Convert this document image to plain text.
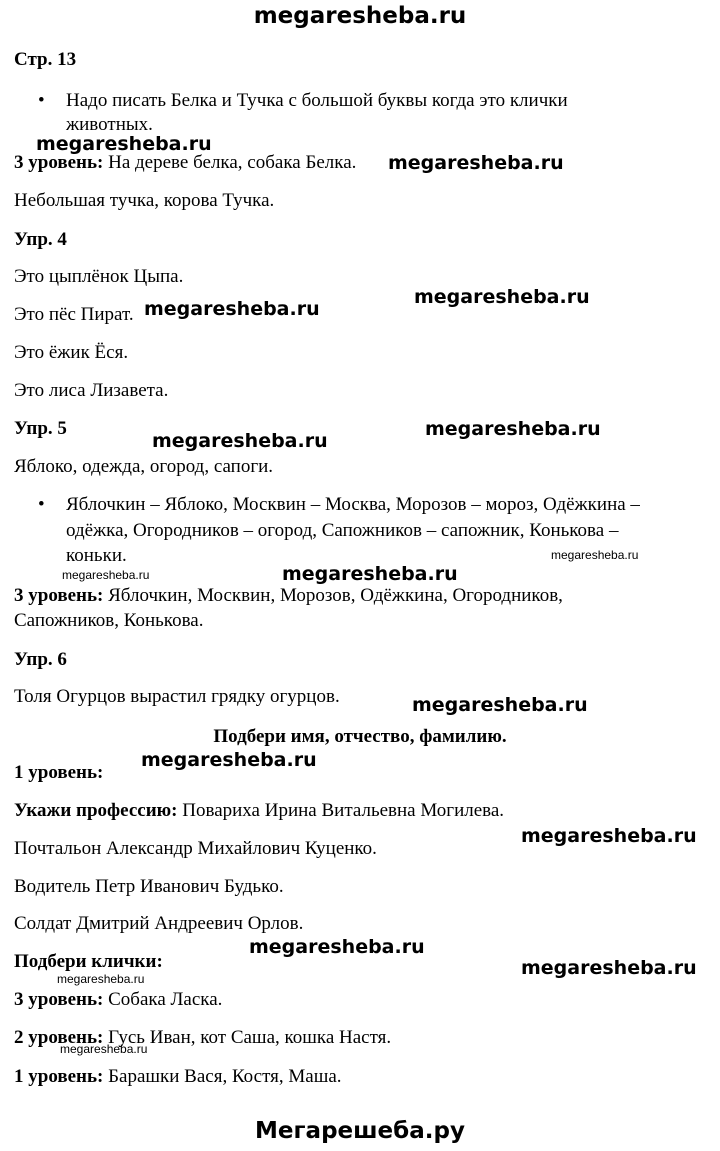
megaresheba.ru
Стр. 13
• Надо писать Белка и Тучка с большой буквы когда это клички
животных.
3 уровень: На дереве белка, собака Белка.
Небольшая тучка, корова Тучка.
Упр. 4
Это цыплёнок Цыпа.
Это пёс Пират.
Это ёжик Ёся.
Это лиса Лизавета.
Упр. 5
Яблоко, одежда, огород, сапоги.
• Яблочкин – Яблоко, Москвин – Москва, Морозов – мороз, Одёжкина –
одёжка, Огородников – огород, Сапожников – сапожник, Конькова –
коньки.
3 уровень: Яблочкин, Москвин, Морозов, Одёжкина, Огородников,
Сапожников, Конькова.
Упр. 6
Толя Огурцов вырастил грядку огурцов.
Подбери имя, отчество, фамилию.
1 уровень:
Укажи профессию: Повариха Ирина Витальевна Могилева.
Почтальон Александр Михайлович Куценко.
Водитель Петр Иванович Будько.
Солдат Дмитрий Андреевич Орлов.
Подбери клички:
3 уровень: Собака Ласка.
2 уровень: Гусь Иван, кот Саша, кошка Настя.
1 уровень: Барашки Вася, Костя, Маша.
megaresheba.ru
megaresheba.ru
megaresheba.ru
megaresheba.ru
megaresheba.ru
megaresheba.ru
megaresheba.ru
megaresheba.ru	megaresheba.ru
megaresheba.ru
megaresheba.ru
megaresheba.ru
megaresheba.ru
megaresheba.ru
megaresheba.ru
megaresheba.ru
Мегарешеба.ру
